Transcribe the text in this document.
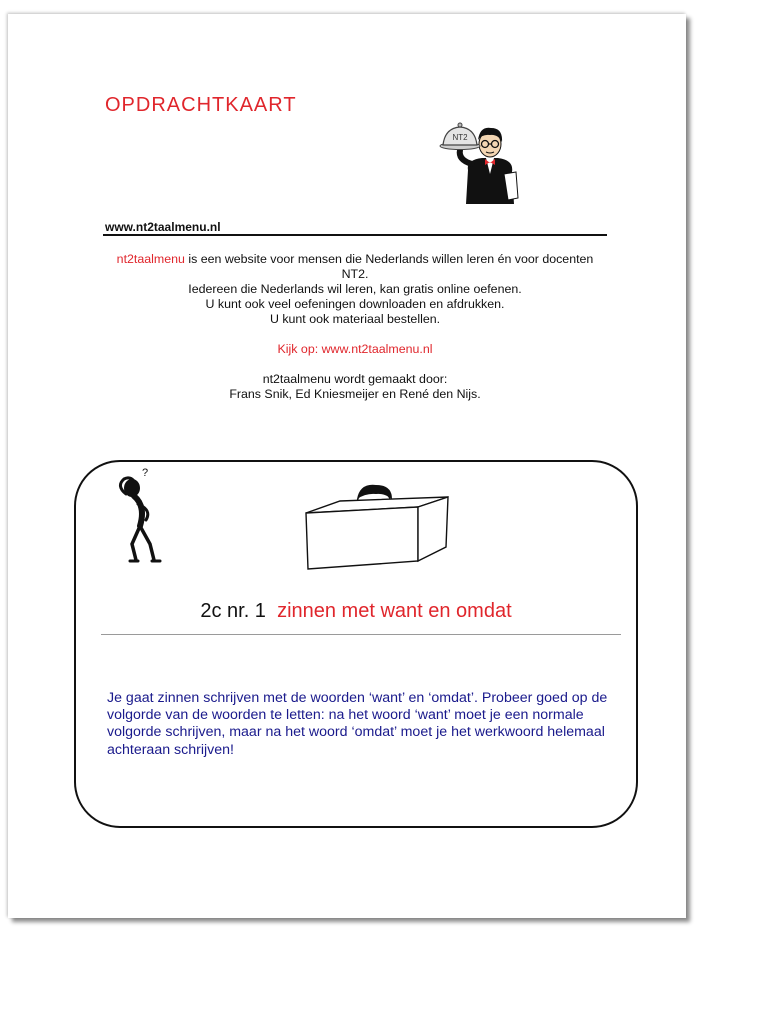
OPDRACHTKAART
NT2
www.nt2taalmenu.nl

nt2taalmenu is een website voor mensen die Nederlands willen leren én voor docenten NT2.

Iedereen die Nederlands wil leren, kan gratis online oefenen.

U kunt ook veel oefeningen downloaden en afdrukken.

U kunt ook materiaal bestellen.

Kijk op: www.nt2taalmenu.nl

nt2taalmenu wordt gemaakt door:

Frans Snik, Ed Kniesmeijer en René den Nijs.

?
2c nr. 1 zinnen met want en omdat

Je gaat zinnen schrijven met de woorden ‘want’ en ‘omdat’. Probeer goed op de volgorde van de woorden te letten: na het woord ‘want’ moet je een normale volgorde schrijven, maar na het woord ‘omdat’ moet je het werkwoord helemaal achteraan schrijven!
